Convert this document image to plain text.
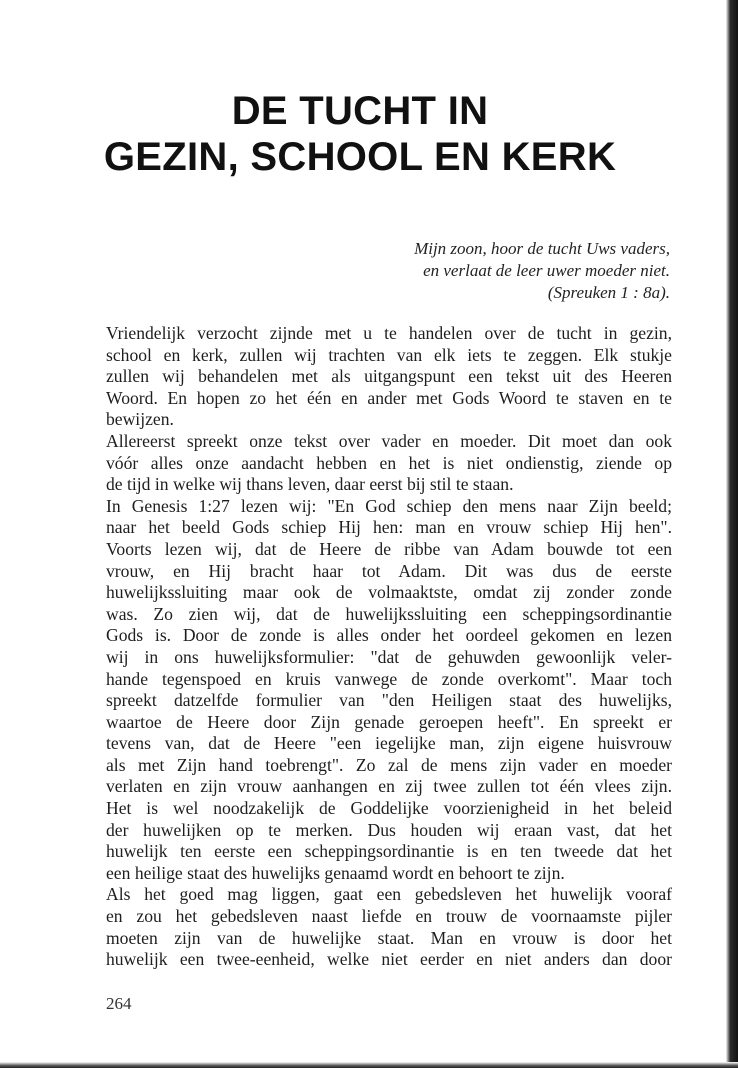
DE TUCHT IN
GEZIN, SCHOOL EN KERK
Mijn zoon, hoor de tucht Uws vaders,
en verlaat de leer uwer moeder niet.
(Spreuken 1 : 8a).
Vriendelijk verzocht zijnde met u te handelen over de tucht in gezin,
school en kerk, zullen wij trachten van elk iets te zeggen. Elk stukje
zullen wij behandelen met als uitgangspunt een tekst uit des Heeren
Woord. En hopen zo het één en ander met Gods Woord te staven en te
bewijzen.
Allereerst spreekt onze tekst over vader en moeder. Dit moet dan ook
vóór alles onze aandacht hebben en het is niet ondienstig, ziende op
de tijd in welke wij thans leven, daar eerst bij stil te staan.
In Genesis 1:27 lezen wij: "En God schiep den mens naar Zijn beeld;
naar het beeld Gods schiep Hij hen: man en vrouw schiep Hij hen".
Voorts lezen wij, dat de Heere de ribbe van Adam bouwde tot een
vrouw, en Hij bracht haar tot Adam. Dit was dus de eerste
huwelijkssluiting maar ook de volmaaktste, omdat zij zonder zonde
was. Zo zien wij, dat de huwelijkssluiting een scheppingsordinantie
Gods is. Door de zonde is alles onder het oordeel gekomen en lezen
wij in ons huwelijksformulier: "dat de gehuwden gewoonlijk veler-
hande tegenspoed en kruis vanwege de zonde overkomt". Maar toch
spreekt datzelfde formulier van "den Heiligen staat des huwelijks,
waartoe de Heere door Zijn genade geroepen heeft". En spreekt er
tevens van, dat de Heere "een iegelijke man, zijn eigene huisvrouw
als met Zijn hand toebrengt". Zo zal de mens zijn vader en moeder
verlaten en zijn vrouw aanhangen en zij twee zullen tot één vlees zijn.
Het is wel noodzakelijk de Goddelijke voorzienigheid in het beleid
der huwelijken op te merken. Dus houden wij eraan vast, dat het
huwelijk ten eerste een scheppingsordinantie is en ten tweede dat het
een heilige staat des huwelijks genaamd wordt en behoort te zijn.
Als het goed mag liggen, gaat een gebedsleven het huwelijk vooraf
en zou het gebedsleven naast liefde en trouw de voornaamste pijler
moeten zijn van de huwelijke staat. Man en vrouw is door het
huwelijk een twee-eenheid, welke niet eerder en niet anders dan door
264
